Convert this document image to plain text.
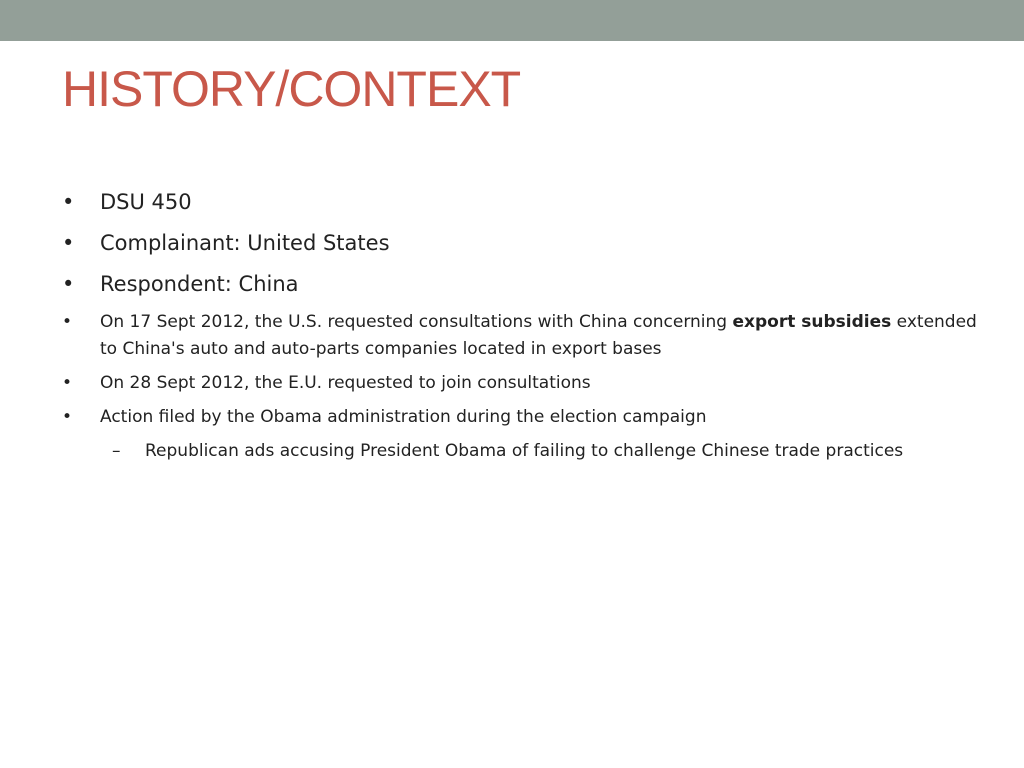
HISTORY/CONTEXT
•	DSU 450
•	Complainant: United States
•	Respondent: China
•	On 17 Sept 2012, the U.S. requested consultations with China concerning export subsidies extended to China's auto and auto-parts companies located in export bases
•	On 28 Sept 2012, the E.U. requested to join consultations
•	Action filed by the Obama administration during the election campaign
–	Republican ads accusing President Obama of failing to challenge Chinese trade practices
